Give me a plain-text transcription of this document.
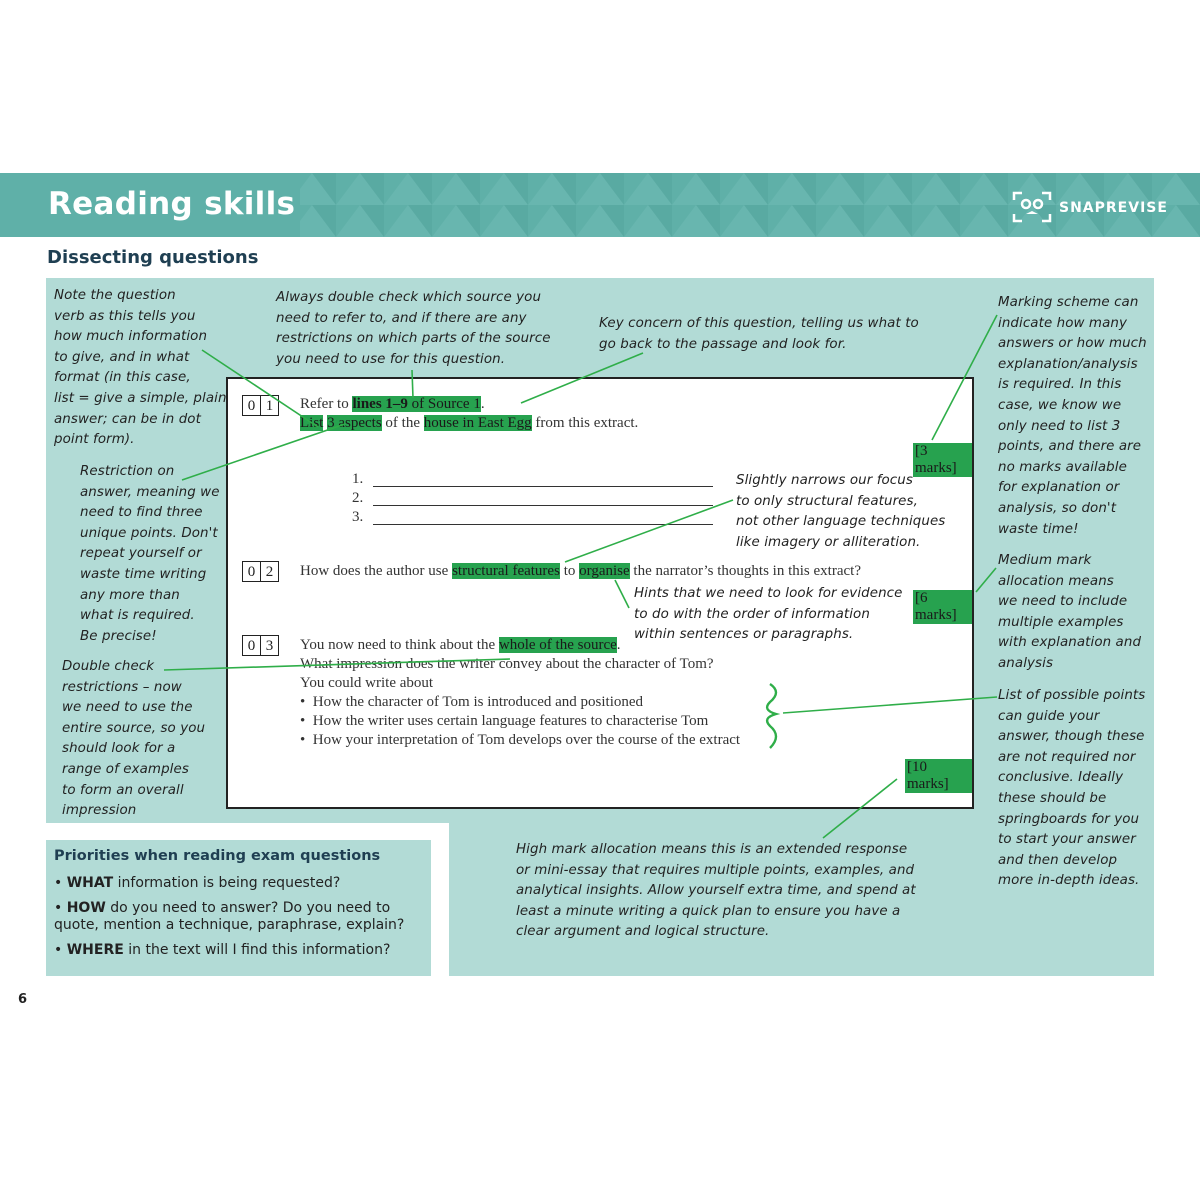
Reading skills	SNAPREVISE
Dissecting questions
0 1	Refer to lines 1–9 of Source 1.
List 3 aspects of the house in East Egg from this extract.
[3 marks]
1.
2.
3.
0 2	How does the author use structural features to organise the narrator’s thoughts in this extract?
[6 marks]
0 3	You now need to think about the whole of the source.
What impression does the writer convey about the character of Tom?
You could write about
•  How the character of Tom is introduced and positioned
•  How the writer uses certain language features to characterise Tom
•  How your interpretation of Tom develops over the course of the extract
[10 marks]
Note the question
verb as this tells you
how much information
to give, and in what
format (in this case,
list = give a simple, plain
answer; can be in dot
point form).
Always double check which source you
need to refer to, and if there are any
restrictions on which parts of the source
you need to use for this question.
Key concern of this question, telling us what to
go back to the passage and look for.
Marking scheme can
indicate how many
answers or how much
explanation/analysis
is required. In this
case, we know we
only need to list 3
points, and there are
no marks available
for explanation or
analysis, so don't
waste time!
Restriction on
answer, meaning we
need to find three
unique points. Don't
repeat yourself or
waste time writing
any more than
what is required.
Be precise!
Slightly narrows our focus
to only structural features,
not other language techniques
like imagery or alliteration.
Medium mark
allocation means
we need to include
multiple examples
with explanation and
analysis
Hints that we need to look for evidence
to do with the order of information
within sentences or paragraphs.
Double check
restrictions – now
we need to use the
entire source, so you
should look for a
range of examples
to form an overall
impression
List of possible points
can guide your
answer, though these
are not required nor
conclusive. Ideally
these should be
springboards for you
to start your answer
and then develop
more in-depth ideas.
High mark allocation means this is an extended response
or mini-essay that requires multiple points, examples, and
analytical insights. Allow yourself extra time, and spend at
least a minute writing a quick plan to ensure you have a
clear argument and logical structure.
Priorities when reading exam questions
• WHAT information is being requested?
• HOW do you need to answer? Do you need to quote, mention a technique, paraphrase, explain?
• WHERE in the text will I find this information?
6
